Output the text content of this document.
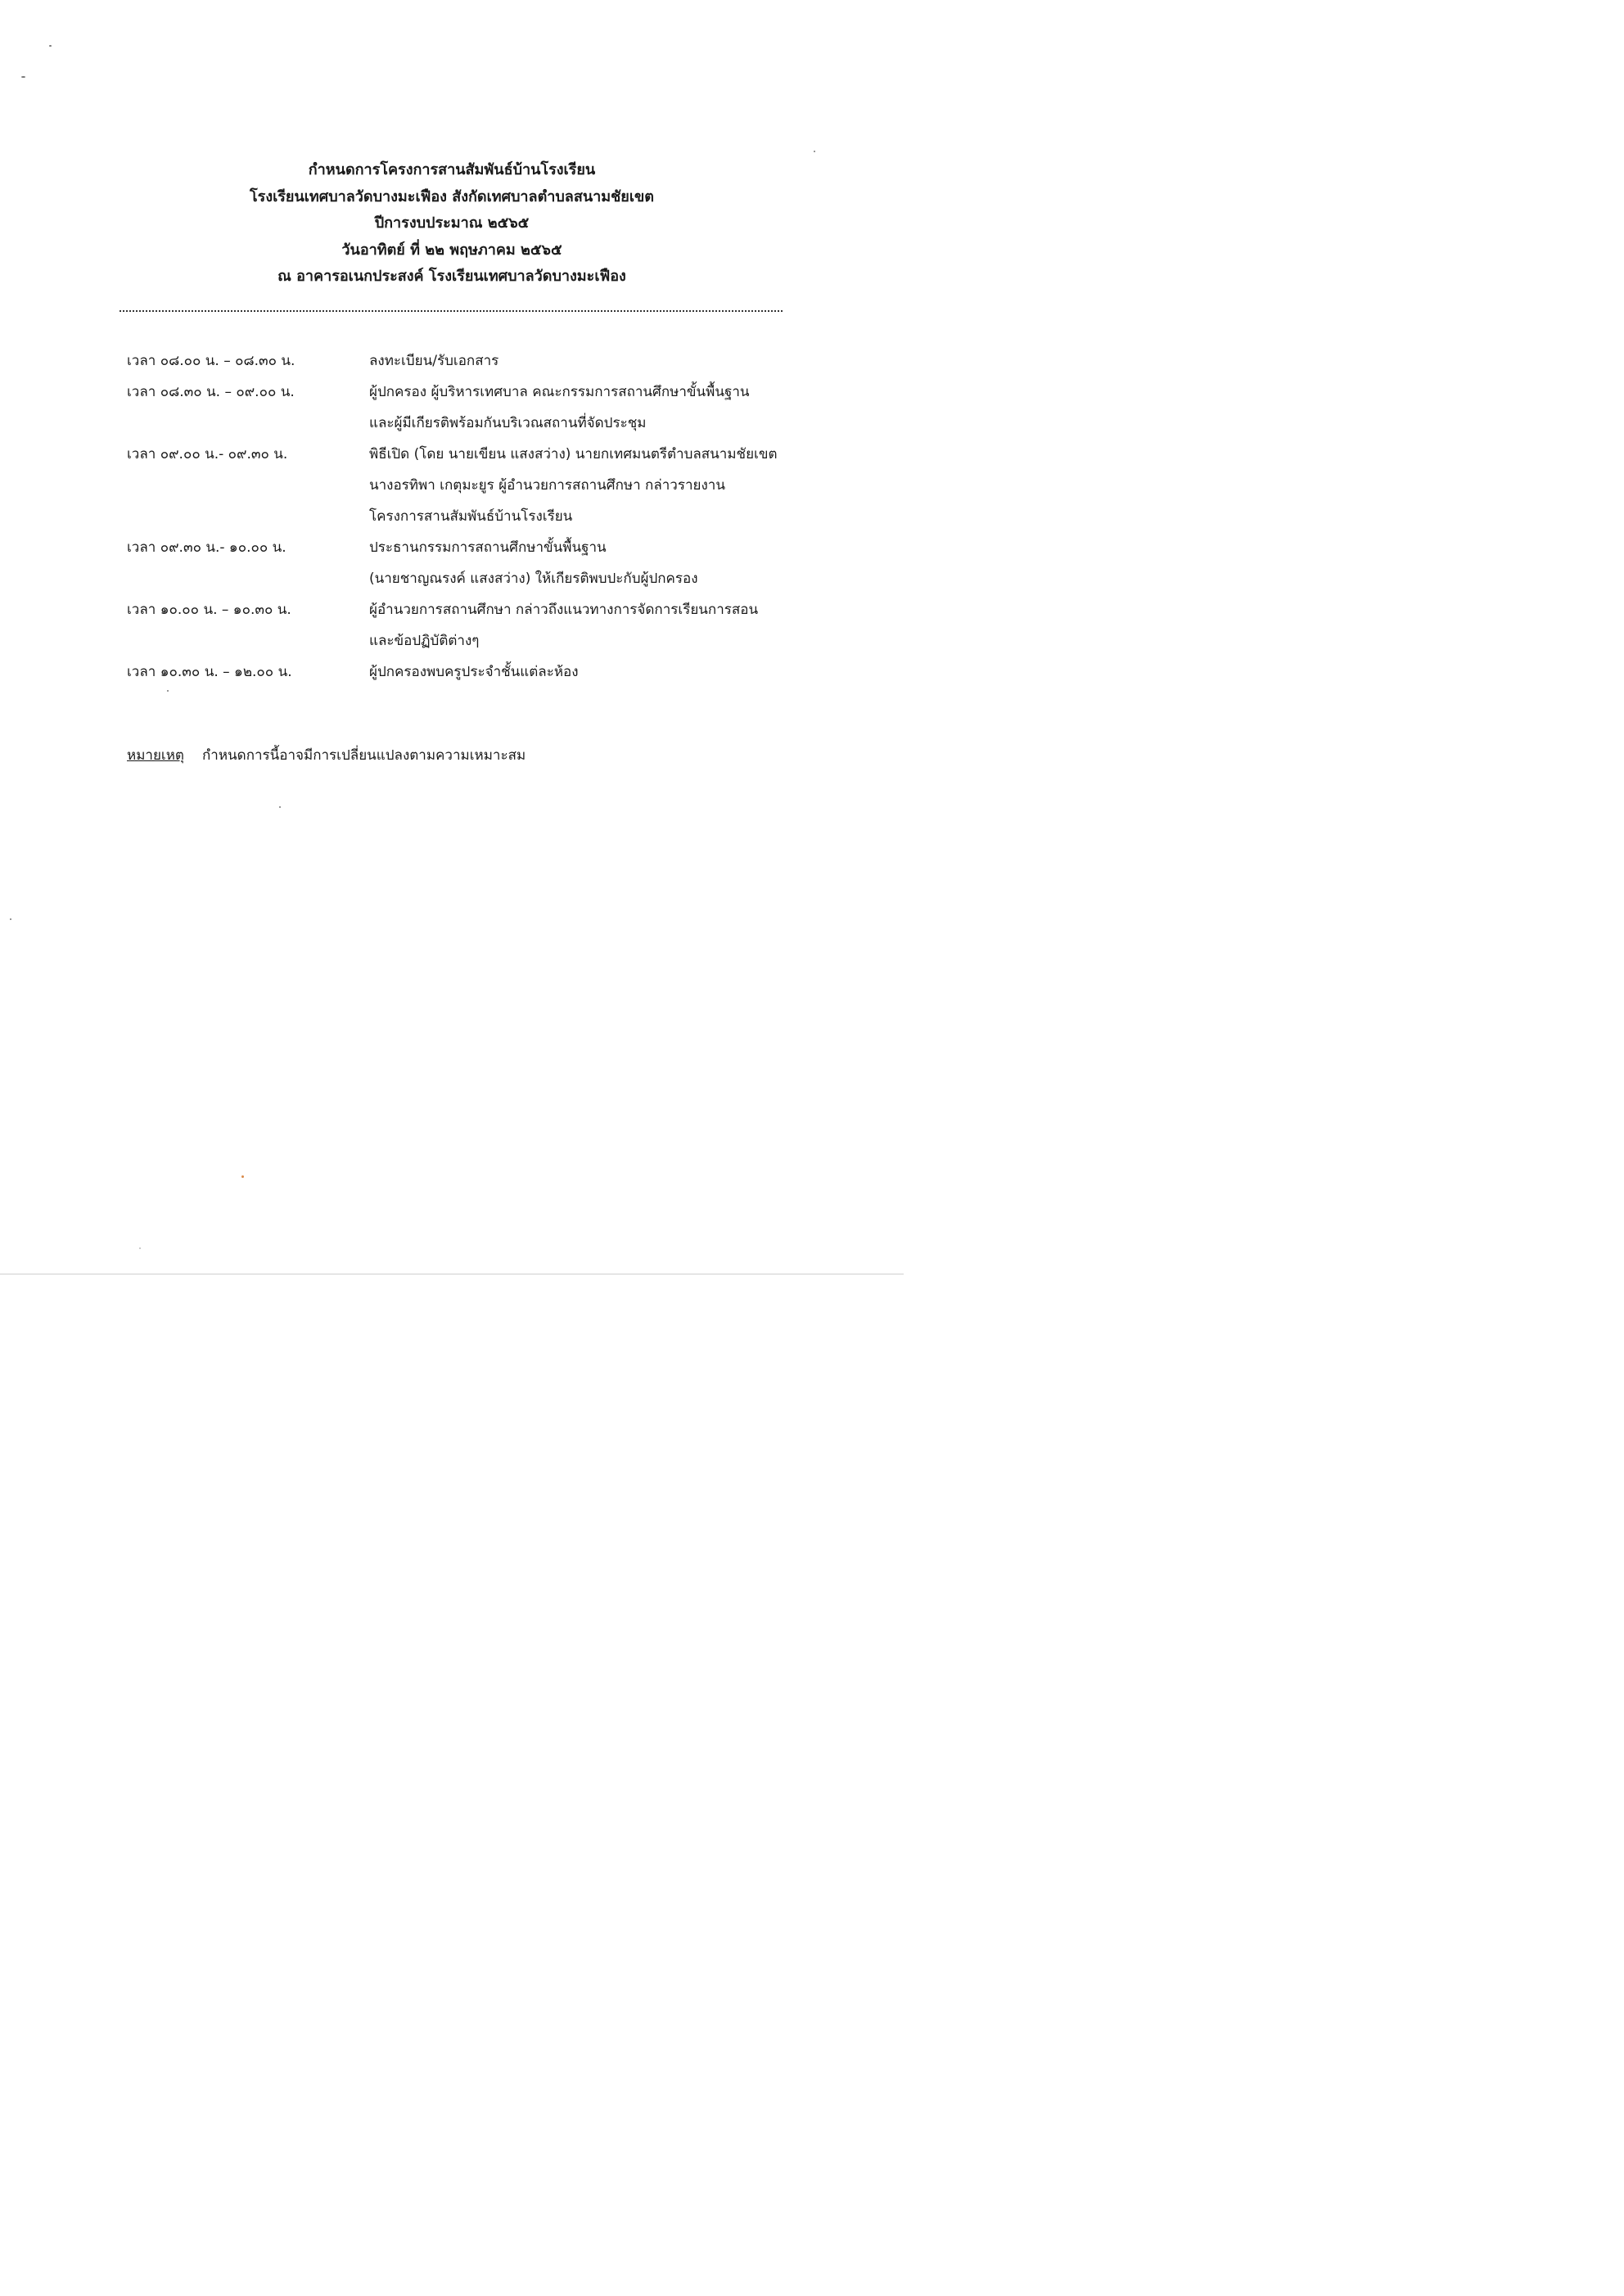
กำหนดการโครงการสานสัมพันธ์บ้านโรงเรียน
โรงเรียนเทศบาลวัดบางมะเฟือง สังกัดเทศบาลตำบลสนามชัยเขต
ปีการงบประมาณ ๒๕๖๕
วันอาทิตย์ ที่ ๒๒ พฤษภาคม ๒๕๖๕
ณ อาคารอเนกประสงค์ โรงเรียนเทศบาลวัดบางมะเฟือง
เวลา ๐๘.๐๐ น. – ๐๘.๓๐ น.	ลงทะเบียน/รับเอกสาร
เวลา ๐๘.๓๐ น. – ๐๙.๐๐ น.	ผู้ปกครอง ผู้บริหารเทศบาล คณะกรรมการสถานศึกษาขั้นพื้นฐาน
และผู้มีเกียรติพร้อมกันบริเวณสถานที่จัดประชุม
เวลา ๐๙.๐๐ น.- ๐๙.๓๐ น.	พิธีเปิด (โดย นายเขียน แสงสว่าง) นายกเทศมนตรีตำบลสนามชัยเขต
นางอรทิพา เกตุมะยูร ผู้อำนวยการสถานศึกษา กล่าวรายงาน
โครงการสานสัมพันธ์บ้านโรงเรียน
เวลา ๐๙.๓๐ น.- ๑๐.๐๐ น.	ประธานกรรมการสถานศึกษาขั้นพื้นฐาน
(นายชาญณรงค์ แสงสว่าง) ให้เกียรติพบปะกับผู้ปกครอง
เวลา ๑๐.๐๐ น. – ๑๐.๓๐ น.	ผู้อำนวยการสถานศึกษา กล่าวถึงแนวทางการจัดการเรียนการสอน
และข้อปฏิบัติต่างๆ
เวลา ๑๐.๓๐ น. – ๑๒.๐๐ น.	ผู้ปกครองพบครูประจำชั้นแต่ละห้อง
หมายเหตุ กำหนดการนี้อาจมีการเปลี่ยนแปลงตามความเหมาะสม
